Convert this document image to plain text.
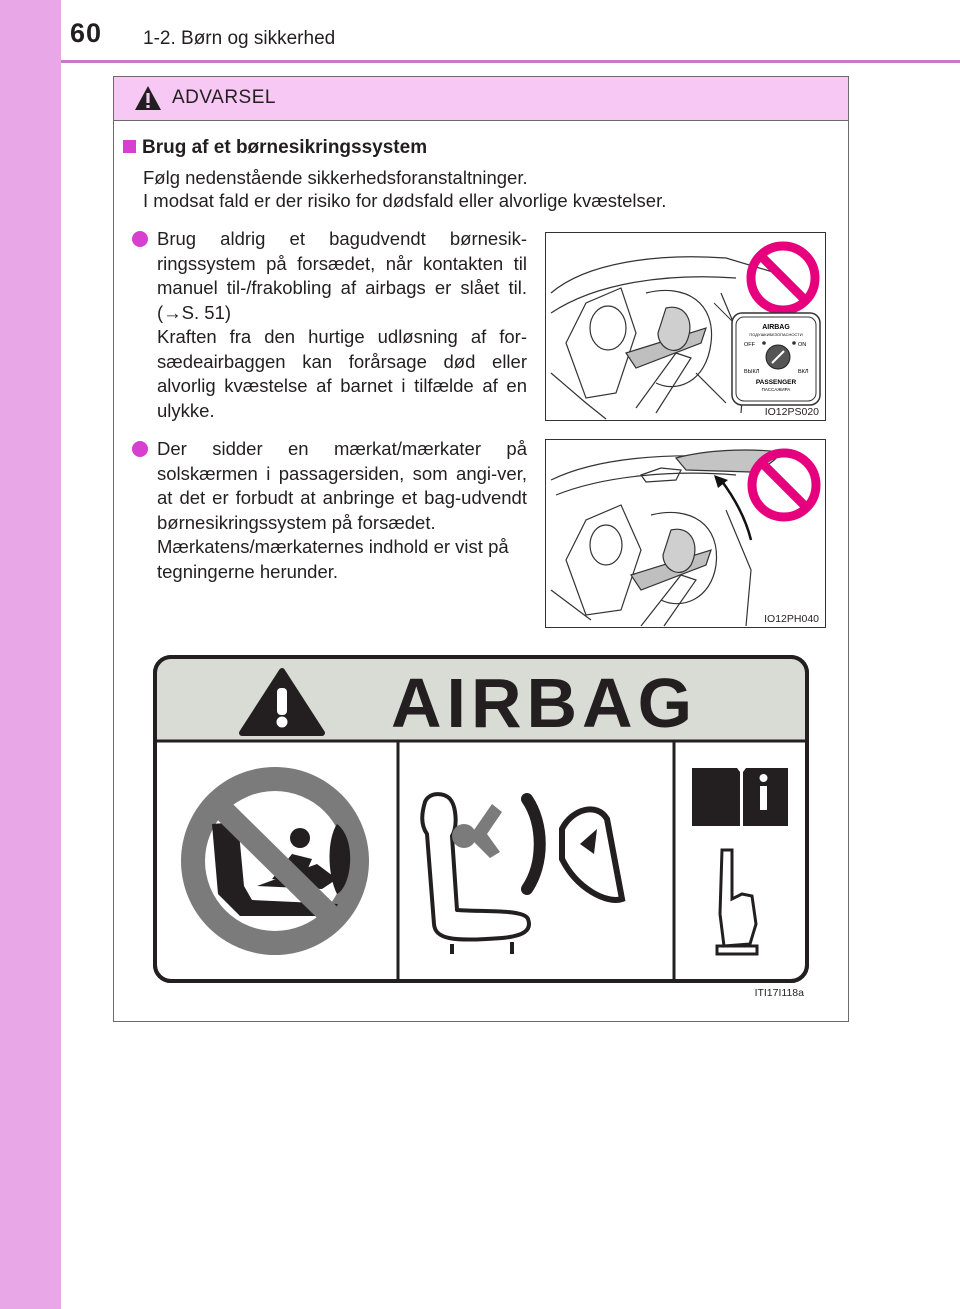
60 1-2. Børn og sikkerhed
ADVARSEL
Brug af et børnesikringssystem
Følg nedenstående sikkerhedsforanstaltninger.
I modsat fald er der risiko for dødsfald eller alvorlige kvæstelser.

Brug aldrig et bagudvendt børnesik-ringssystem på forsædet, når kontakten til manuel til-/frakobling af airbags er slået til. (→S. 51)

Kraften fra den hurtige udløsning af for-sædeairbaggen kan forårsage død eller alvorlig kvæstelse af barnet i tilfælde af en ulykke.

AIRBAG
ПОДУШКИБЕЗОПАСНОСТИ
OFF	ON
ВЫКЛ	ВКЛ
PASSENGER
ПАССАЖИРА
IO12PS020

Der sidder en mærkat/mærkater på solskærmen i passagersiden, som angi-ver, at det er forbudt at anbringe et bag-udvendt børnesikringssystem på forsædet.

Mærkatens/mærkaternes indhold er vist på tegningerne herunder.

IO12PH040
AIRBAG
ITI17I118a
